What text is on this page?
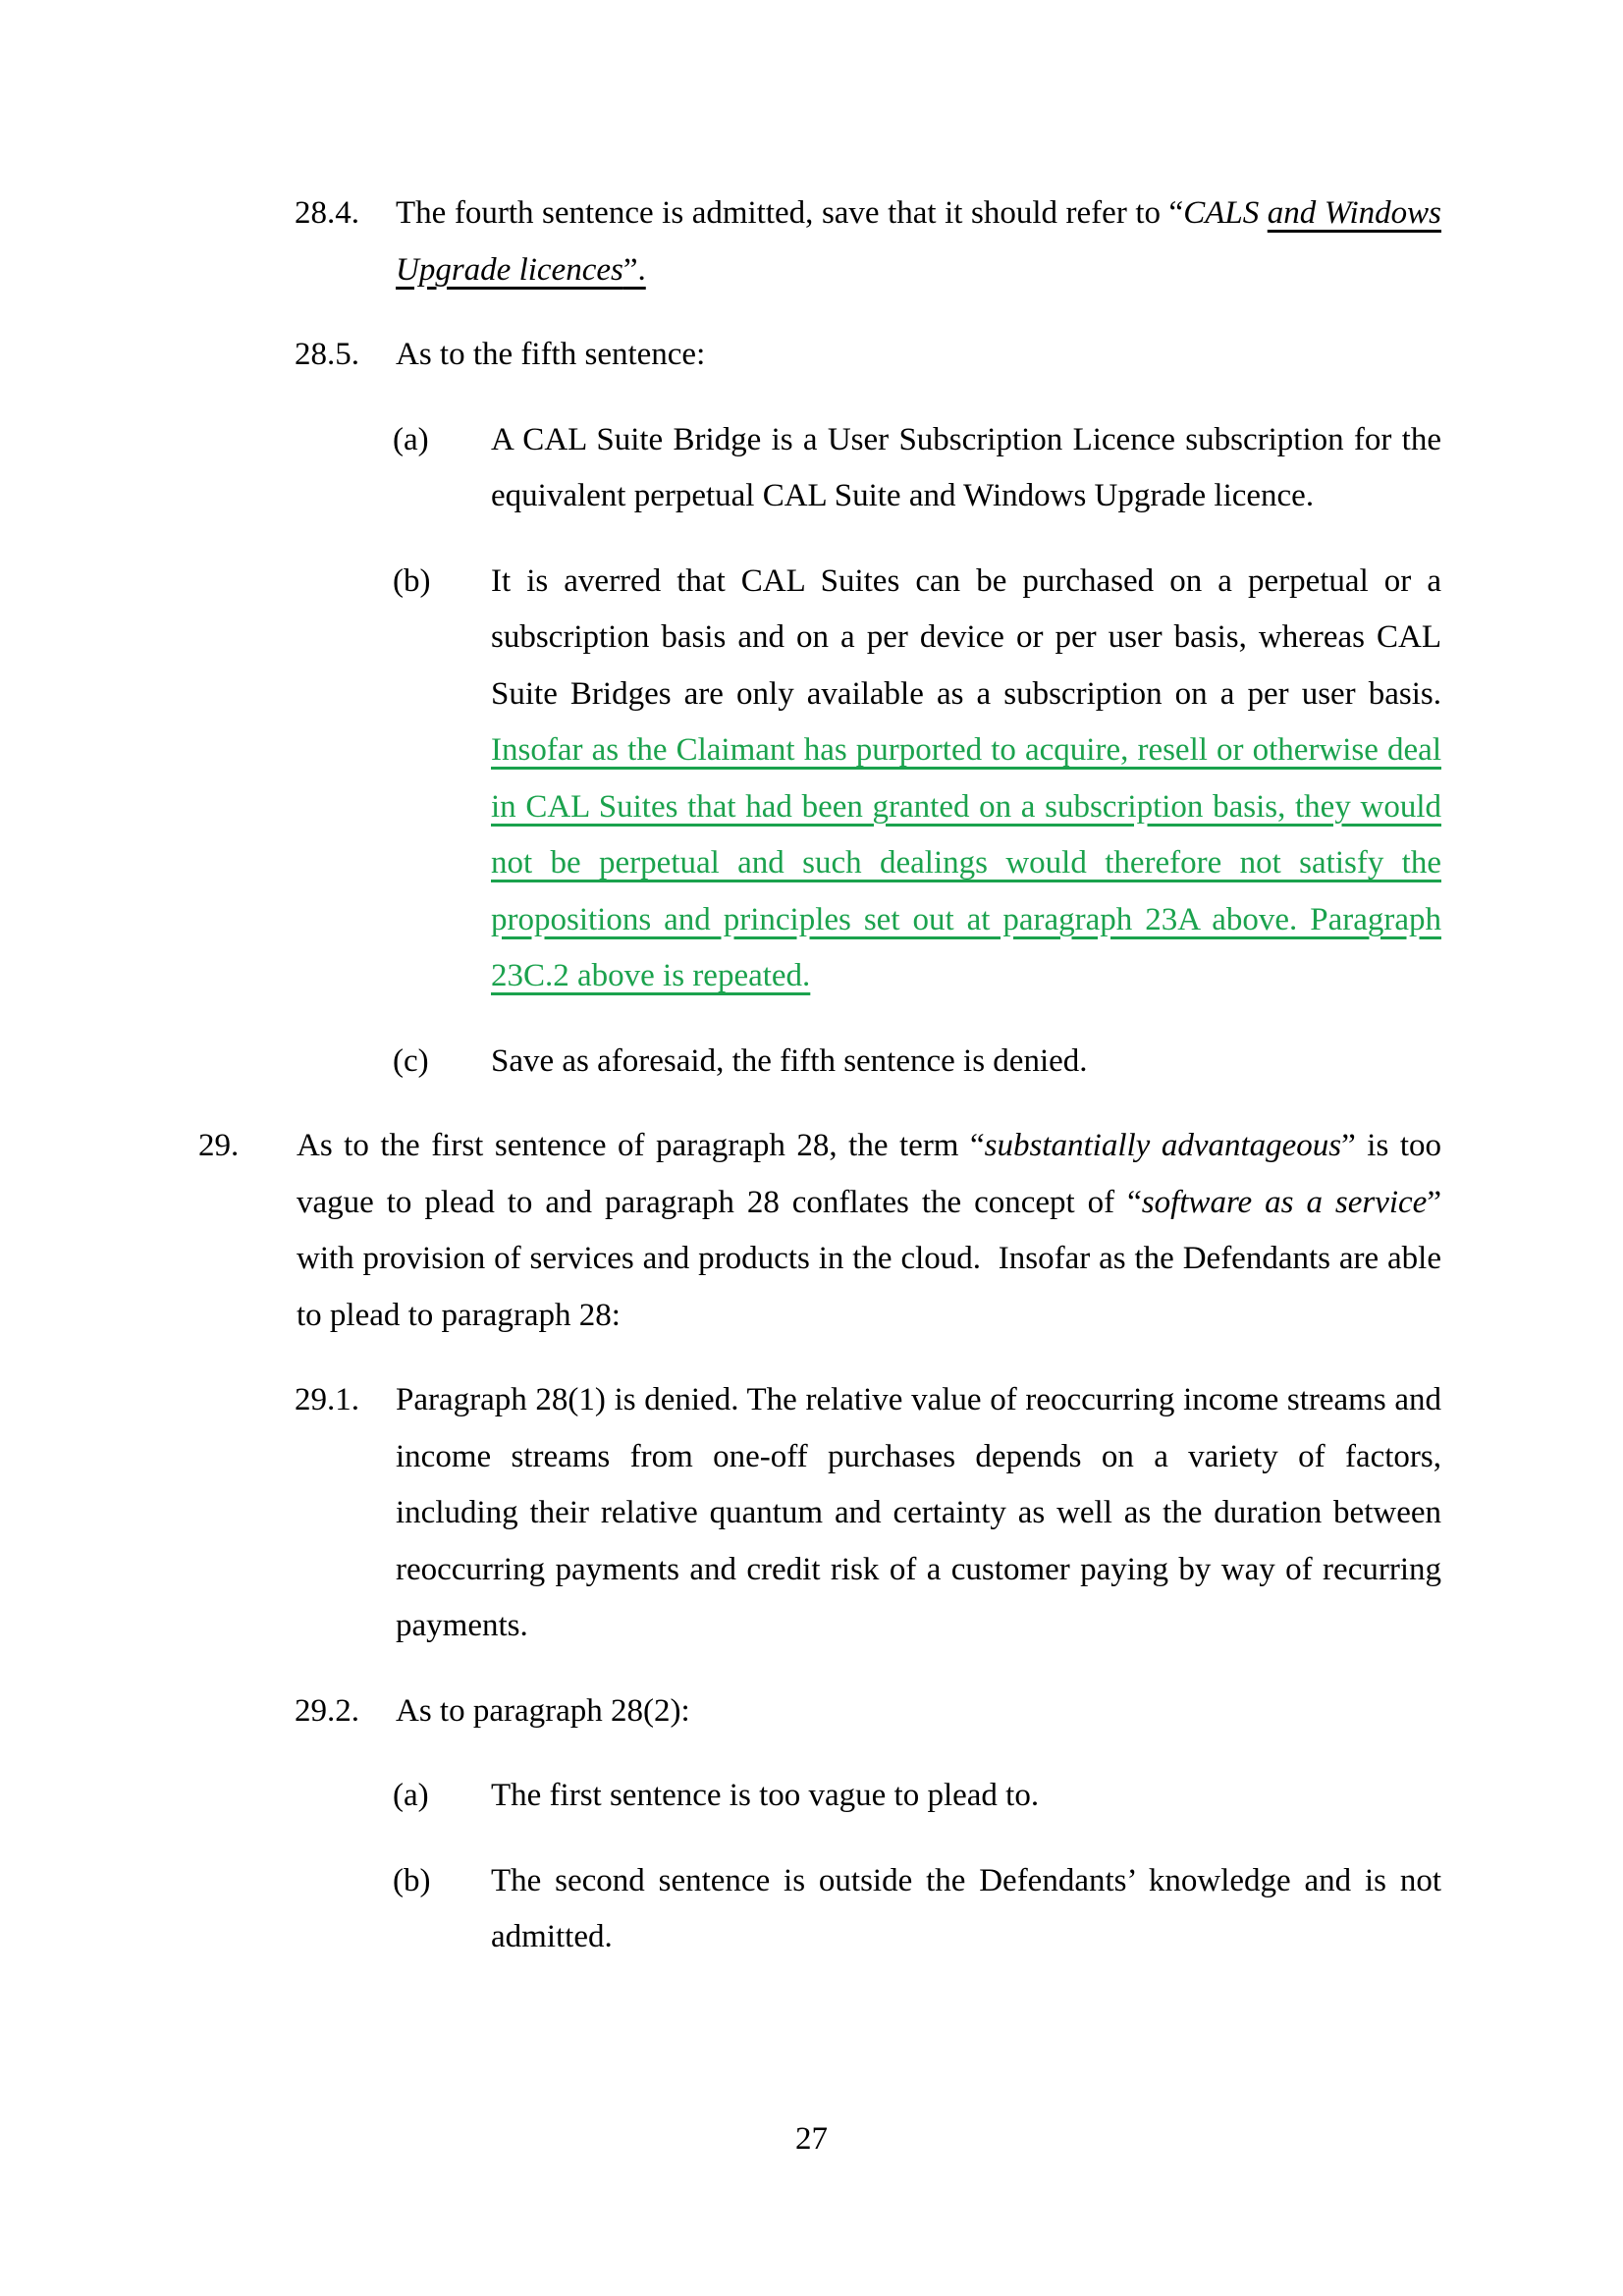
28.4. The fourth sentence is admitted, save that it should refer to “CALS and Windows Upgrade licences”.
28.5. As to the fifth sentence:
(a) A CAL Suite Bridge is a User Subscription Licence subscription for the equivalent perpetual CAL Suite and Windows Upgrade licence.
(b) It is averred that CAL Suites can be purchased on a perpetual or a subscription basis and on a per device or per user basis, whereas CAL Suite Bridges are only available as a subscription on a per user basis. Insofar as the Claimant has purported to acquire, resell or otherwise deal in CAL Suites that had been granted on a subscription basis, they would not be perpetual and such dealings would therefore not satisfy the propositions and principles set out at paragraph 23A above. Paragraph 23C.2 above is repeated.
(c) Save as aforesaid, the fifth sentence is denied.
29. As to the first sentence of paragraph 28, the term “substantially advantageous” is too vague to plead to and paragraph 28 conflates the concept of “software as a service” with provision of services and products in the cloud.  Insofar as the Defendants are able to plead to paragraph 28:
29.1. Paragraph 28(1) is denied. The relative value of reoccurring income streams and income streams from one-off purchases depends on a variety of factors, including their relative quantum and certainty as well as the duration between reoccurring payments and credit risk of a customer paying by way of recurring payments.
29.2. As to paragraph 28(2):
(a) The first sentence is too vague to plead to.
(b) The second sentence is outside the Defendants’ knowledge and is not admitted.
27
